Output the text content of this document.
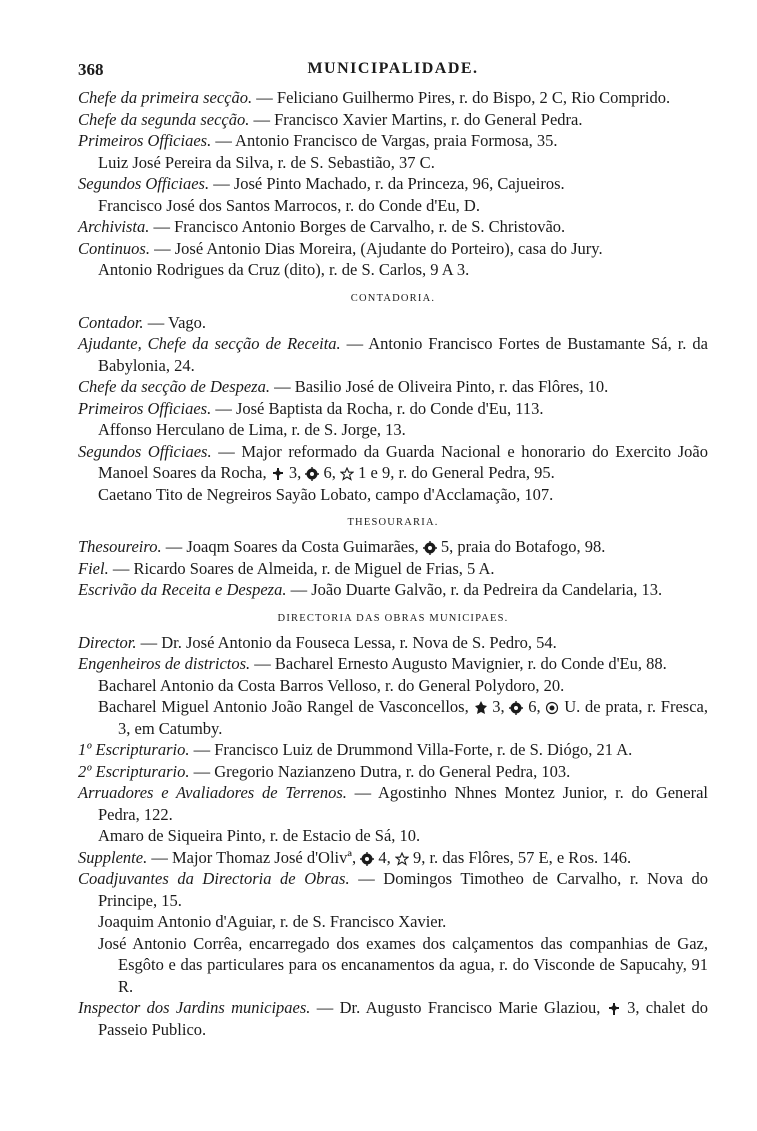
368	MUNICIPALIDADE.
Chefe da primeira secção. — Feliciano Guilhermo Pires, r. do Bispo, 2 C, Rio Comprido.
Chefe da segunda secção. — Francisco Xavier Martins, r. do General Pedra.
Primeiros Officiaes. — Antonio Francisco de Vargas, praia Formosa, 35.
Luiz José Pereira da Silva, r. de S. Sebastião, 37 C.
Segundos Officiaes. — José Pinto Machado, r. da Princeza, 96, Cajueiros.
Francisco José dos Santos Marrocos, r. do Conde d'Eu, D.
Archivista. — Francisco Antonio Borges de Carvalho, r. de S. Christovão.
Continuos. — José Antonio Dias Moreira, (Ajudante do Porteiro), casa do Jury.
Antonio Rodrigues da Cruz (dito), r. de S. Carlos, 9 A 3.
CONTADORIA.
Contador. — Vago.
Ajudante, Chefe da secção de Receita. — Antonio Francisco Fortes de Bustamante Sá, r. da Babylonia, 24.
Chefe da secção de Despeza. — Basilio José de Oliveira Pinto, r. das Flôres, 10.
Primeiros Officiaes. — José Baptista da Rocha, r. do Conde d'Eu, 113.
Affonso Herculano de Lima, r. de S. Jorge, 13.
Segundos Officiaes. — Major reformado da Guarda Nacional e honorario do Exercito João Manoel Soares da Rocha,  3,  6,  1 e 9, r. do General Pedra, 95.
Caetano Tito de Negreiros Sayão Lobato, campo d'Acclamação, 107.
THESOURARIA.
Thesoureiro. — Joaqm Soares da Costa Guimarães,  5, praia do Botafogo, 98.
Fiel. — Ricardo Soares de Almeida, r. de Miguel de Frias, 5 A.
Escrivão da Receita e Despeza. — João Duarte Galvão, r. da Pedreira da Candelaria, 13.
DIRECTORIA DAS OBRAS MUNICIPAES.
Director. — Dr. José Antonio da Fouseca Lessa, r. Nova de S. Pedro, 54.
Engenheiros de districtos. — Bacharel Ernesto Augusto Mavignier, r. do Conde d'Eu, 88.
Bacharel Antonio da Costa Barros Velloso, r. do General Polydoro, 20.
Bacharel Miguel Antonio João Rangel de Vasconcellos,  3,  6,  U. de prata, r. Fresca, 3, em Catumby.
1º Escripturario. — Francisco Luiz de Drummond Villa-Forte, r. de S. Diógo, 21 A.
2º Escripturario. — Gregorio Nazianzeno Dutra, r. do General Pedra, 103.
Arruadores e Avaliadores de Terrenos. — Agostinho Nhnes Montez Junior, r. do General Pedra, 122.
Amaro de Siqueira Pinto, r. de Estacio de Sá, 10.
Supplente. — Major Thomaz José d'Olivª,  4,  9, r. das Flôres, 57 E, e Ros. 146.
Coadjuvantes da Directoria de Obras. — Domingos Timotheo de Carvalho, r. Nova do Principe, 15.
Joaquim Antonio d'Aguiar, r. de S. Francisco Xavier.
José Antonio Corrêa, encarregado dos exames dos calçamentos das companhias de Gaz, Esgôto e das particulares para os encanamentos da agua, r. do Visconde de Sapucahy, 91 R.
Inspector dos Jardins municipaes. — Dr. Augusto Francisco Marie Glaziou,  3, chalet do Passeio Publico.
